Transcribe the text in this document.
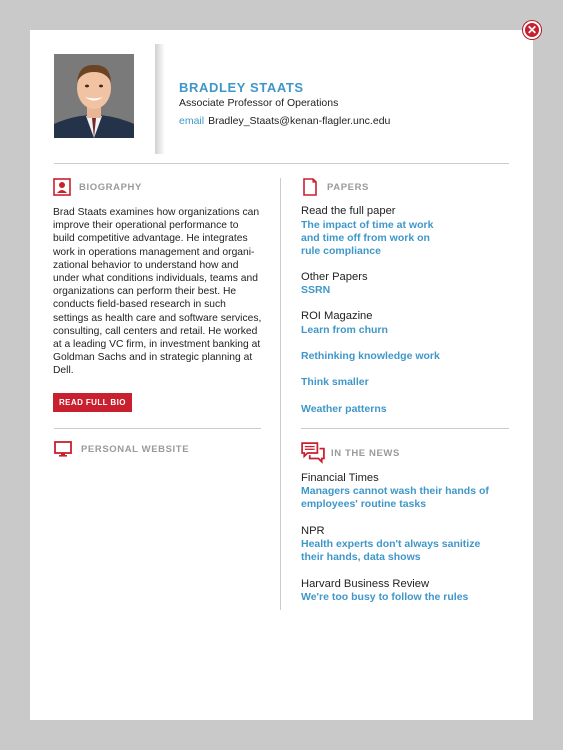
BRADLEY STAATS
Associate Professor of Operations
email Bradley_Staats@kenan-flagler.unc.edu
BIOGRAPHY
Brad Staats examines how organizations can improve their operational performance to build competitive advantage. He integrates work in operations management and organi-zational behavior to understand how and under what conditions individuals, teams and organizations can perform their best. He conducts field-based research in such settings as health care and software services, consulting, call centers and retail. He worked at a leading VC firm, in investment banking at Goldman Sachs and in strategic planning at Dell.
READ FULL BIO
PERSONAL WEBSITE
PAPERS
Read the full paper
The impact of time at work
and time off from work on
rule compliance
Other Papers
SSRN
ROI Magazine
Learn from churn
Rethinking knowledge work
Think smaller
Weather patterns
IN THE NEWS
Financial Times
Managers cannot wash their hands of
employees' routine tasks
NPR
Health experts don't always sanitize
their hands, data shows
Harvard Business Review
We're too busy to follow the rules
✕
